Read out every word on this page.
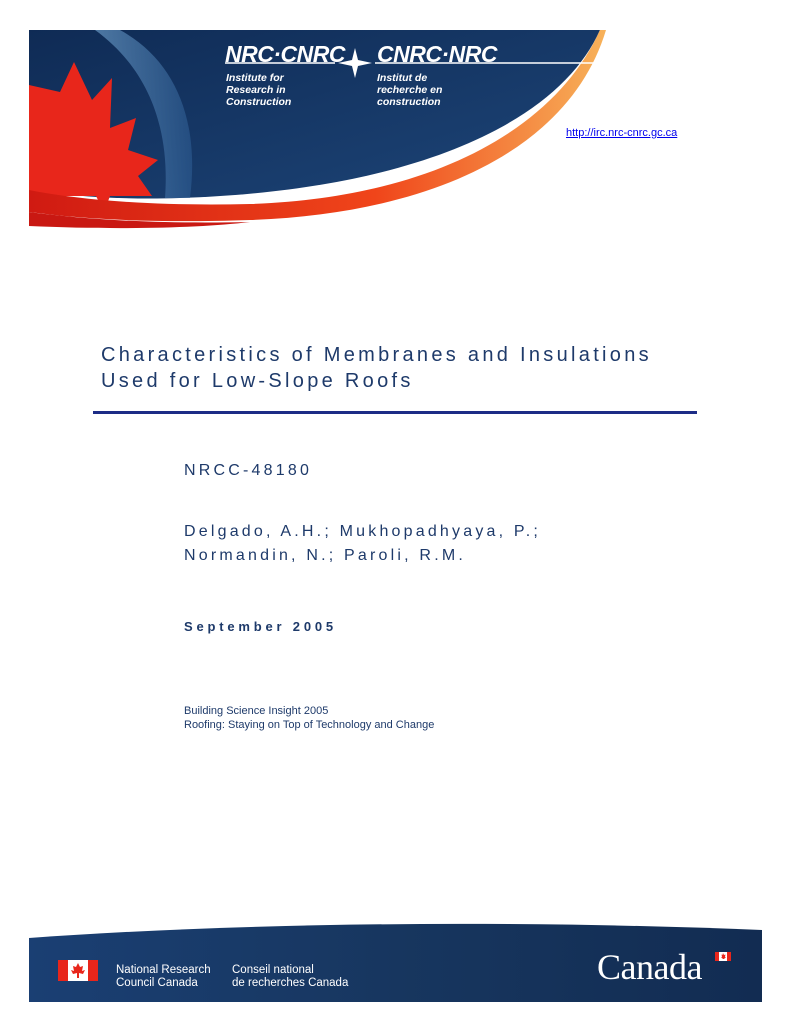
NRC·CNRC CNRC·NRC
Institute for
Research in
Construction
Institut de
recherche en
construction
http://irc.nrc-cnrc.gc.ca
Characteristics of Membranes and Insulations
Used for Low-Slope Roofs
NRCC-48180
Delgado, A.H.; Mukhopadhyaya, P.;
Normandin, N.; Paroli, R.M.
September 2005
Building Science Insight 2005
Roofing: Staying on Top of Technology and Change
National Research
Council Canada
Conseil national
de recherches Canada	Canada
